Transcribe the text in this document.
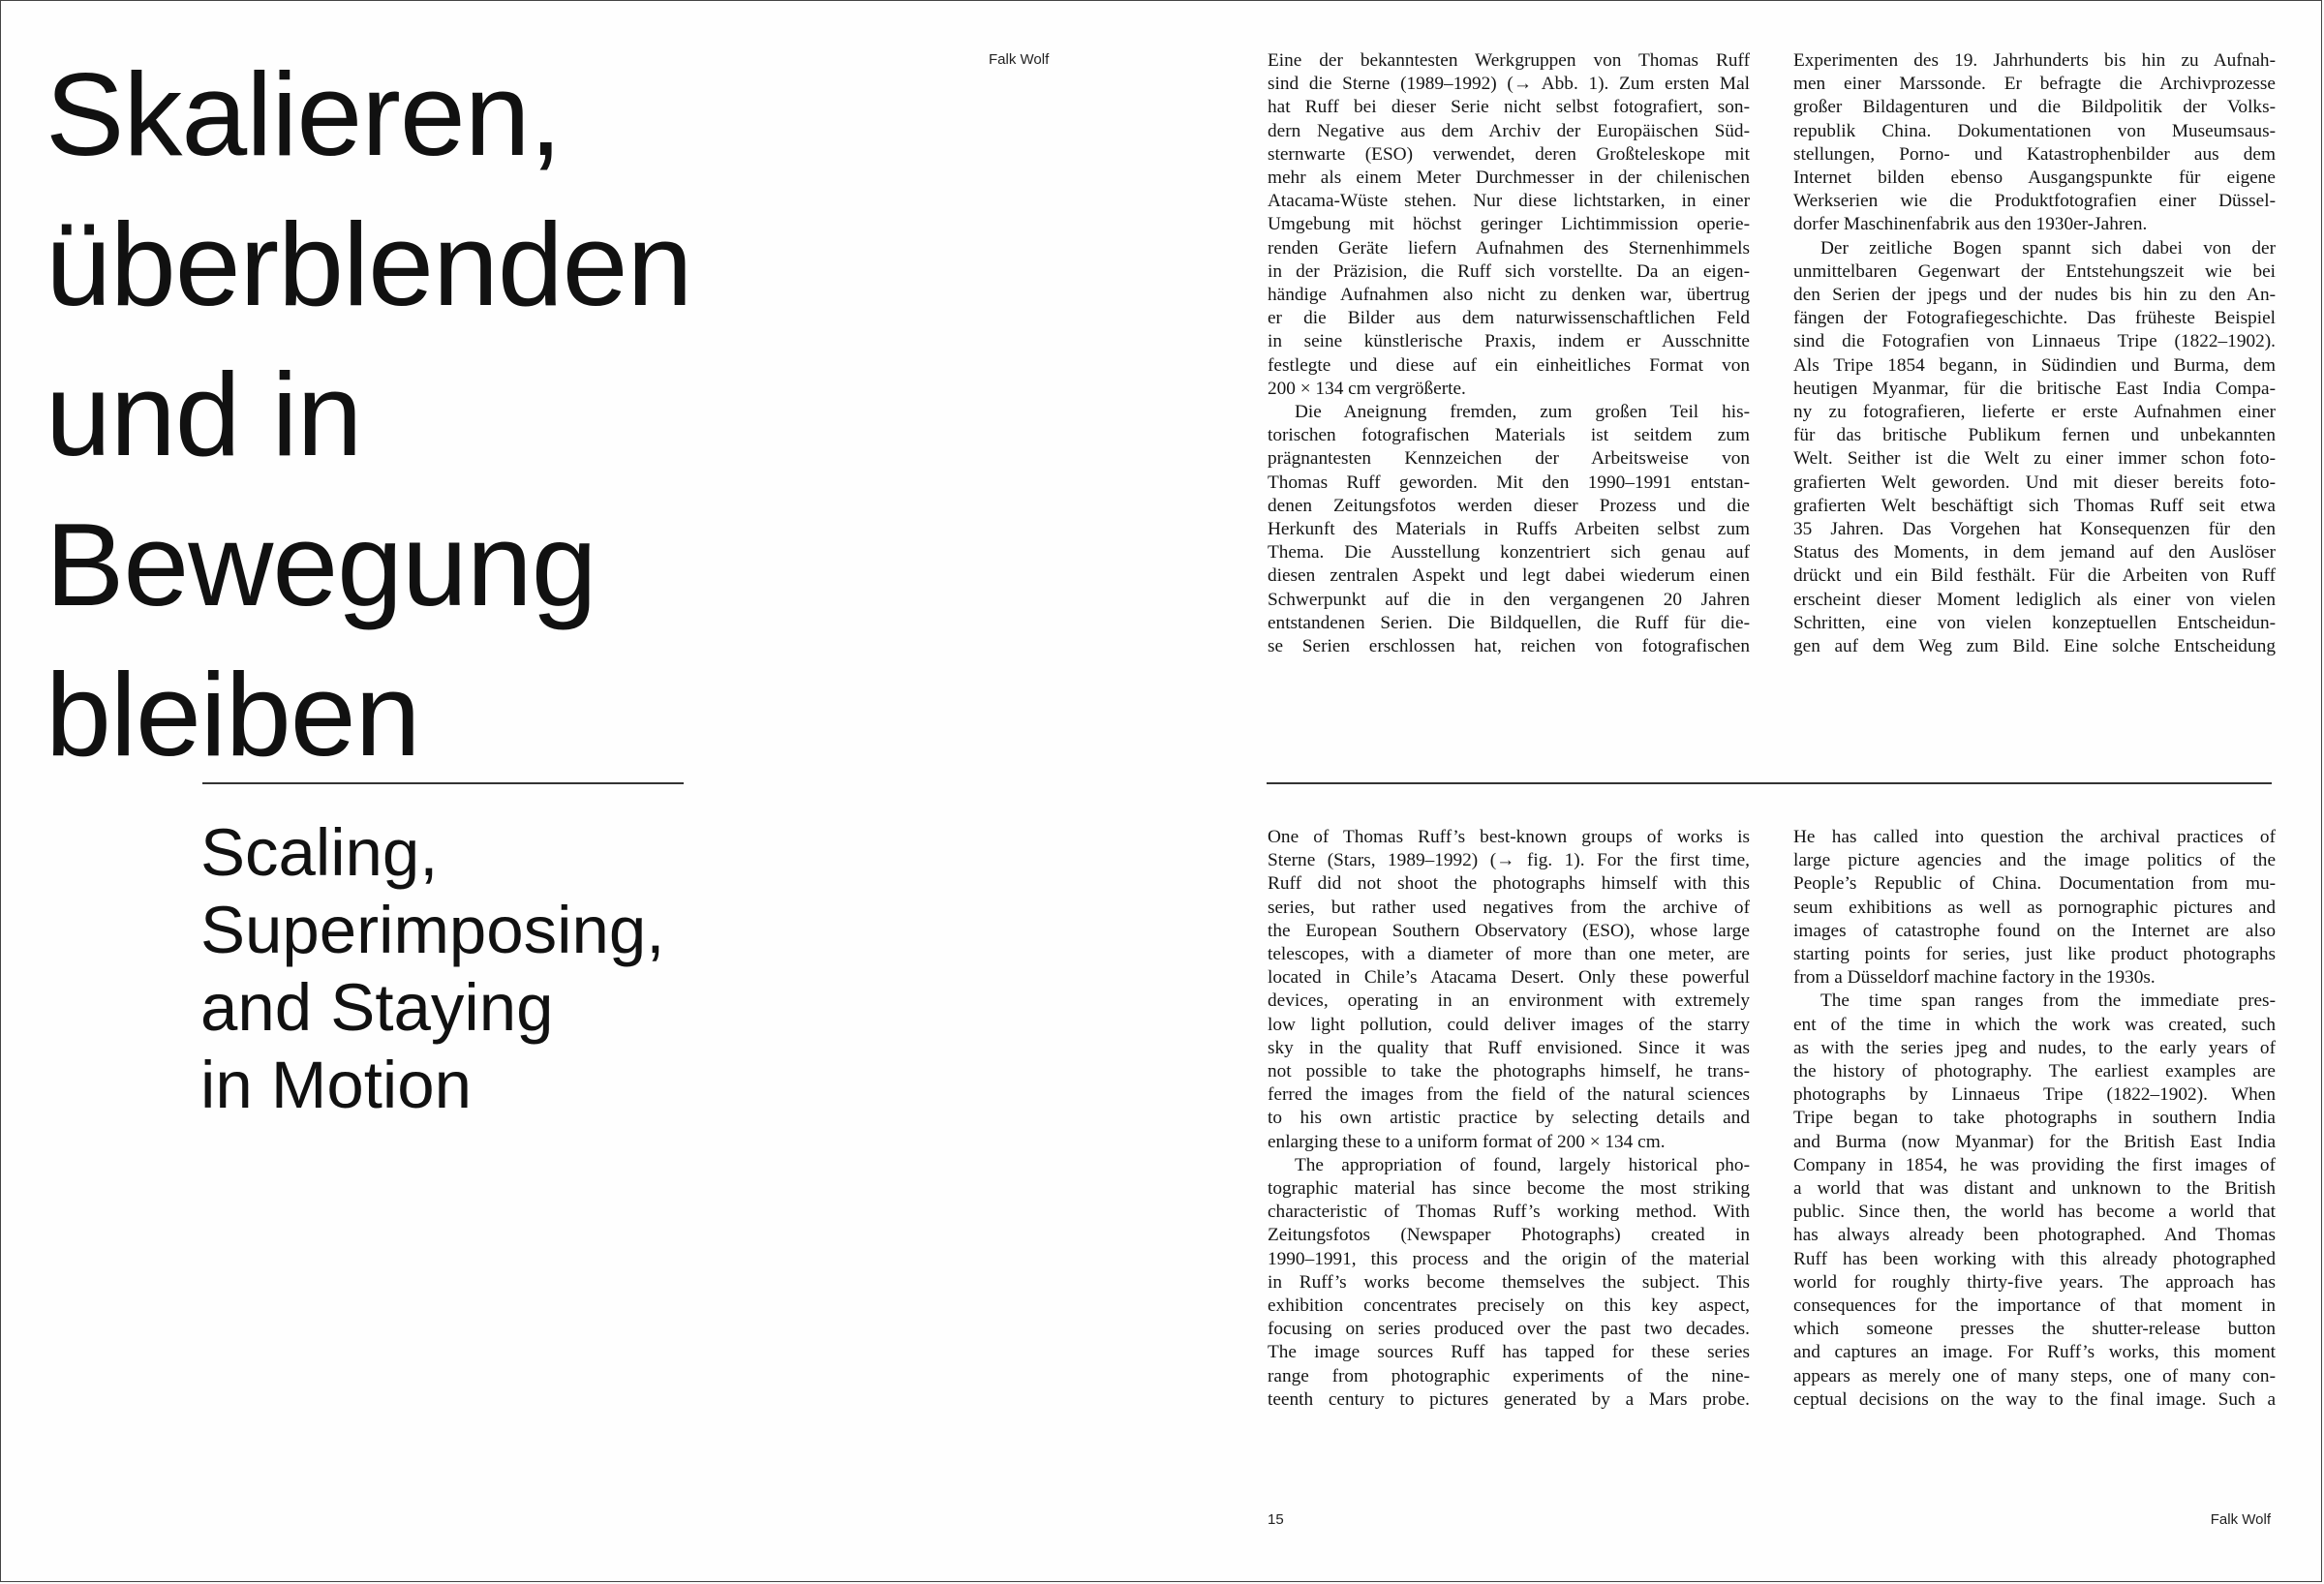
Skalieren,
überblenden
und in
Bewegung
bleiben
Falk Wolf	Eine der bekanntesten Werkgruppen von Thomas Ruff
sind die Sterne (1989–1992) (→ Abb. 1). Zum ersten Mal
hat Ruff bei dieser Serie nicht selbst fotografiert, son-
dern Negative aus dem Archiv der Europäischen Süd-
sternwarte (ESO) verwendet, deren Großteleskope mit
mehr als einem Meter Durchmesser in der chilenischen
Atacama-Wüste stehen. Nur diese lichtstarken, in einer
Umgebung mit höchst geringer Lichtimmission operie-
renden Geräte liefern Aufnahmen des Sternenhimmels
in der Präzision, die Ruff sich vorstellte. Da an eigen-
händige Aufnahmen also nicht zu denken war, übertrug
er die Bilder aus dem naturwissenschaftlichen Feld
in seine künstlerische Praxis, indem er Ausschnitte
festlegte und diese auf ein einheitliches Format von
200 × 134 cm vergrößerte.
Die Aneignung fremden, zum großen Teil his-
torischen fotografischen Materials ist seitdem zum
prägnantesten Kennzeichen der Arbeitsweise von
Thomas Ruff geworden. Mit den 1990–1991 entstan-
denen Zeitungsfotos werden dieser Prozess und die
Herkunft des Materials in Ruffs Arbeiten selbst zum
Thema. Die Ausstellung konzentriert sich genau auf
diesen zentralen Aspekt und legt dabei wiederum einen
Schwerpunkt auf die in den vergangenen 20 Jahren
entstandenen Serien. Die Bildquellen, die Ruff für die-
se Serien erschlossen hat, reichen von fotografischen
Experimenten des 19. Jahrhunderts bis hin zu Aufnah-
men einer Marssonde. Er befragte die Archivprozesse
großer Bildagenturen und die Bildpolitik der Volks-
republik China. Dokumentationen von Museumsaus-
stellungen, Porno- und Katastrophenbilder aus dem
Internet bilden ebenso Ausgangspunkte für eigene
Werkserien wie die Produktfotografien einer Düssel-
dorfer Maschinenfabrik aus den 1930er-Jahren.
Der zeitliche Bogen spannt sich dabei von der
unmittelbaren Gegenwart der Entstehungszeit wie bei
den Serien der jpegs und der nudes bis hin zu den An-
fängen der Fotografiegeschichte. Das früheste Beispiel
sind die Fotografien von Linnaeus Tripe (1822–1902).
Als Tripe 1854 begann, in Südindien und Burma, dem
heutigen Myanmar, für die britische East India Compa-
ny zu fotografieren, lieferte er erste Aufnahmen einer
für das britische Publikum fernen und unbekannten
Welt. Seither ist die Welt zu einer immer schon foto-
grafierten Welt geworden. Und mit dieser bereits foto-
grafierten Welt beschäftigt sich Thomas Ruff seit etwa
35 Jahren. Das Vorgehen hat Konsequenzen für den
Status des Moments, in dem jemand auf den Auslöser
drückt und ein Bild festhält. Für die Arbeiten von Ruff
erscheint dieser Moment lediglich als einer von vielen
Schritten, eine von vielen konzeptuellen Entscheidun-
gen auf dem Weg zum Bild. Eine solche Entscheidung
Scaling,
Superimposing,
and Staying
in Motion
One of Thomas Ruff’s best-known groups of works is
Sterne (Stars, 1989–1992) (→ fig. 1). For the first time,
Ruff did not shoot the photographs himself with this
series, but rather used negatives from the archive of
the European Southern Observatory (ESO), whose large
telescopes, with a diameter of more than one meter, are
located in Chile’s Atacama Desert. Only these powerful
devices, operating in an environment with extremely
low light pollution, could deliver images of the starry
sky in the quality that Ruff envisioned. Since it was
not possible to take the photographs himself, he trans-
ferred the images from the field of the natural sciences
to his own artistic practice by selecting details and
enlarging these to a uniform format of 200 × 134 cm.
The appropriation of found, largely historical pho-
tographic material has since become the most striking
characteristic of Thomas Ruff’s working method. With
Zeitungsfotos (Newspaper Photographs) created in
1990–1991, this process and the origin of the material
in Ruff’s works become themselves the subject. This
exhibition concentrates precisely on this key aspect,
focusing on series produced over the past two decades.
The image sources Ruff has tapped for these series
range from photographic experiments of the nine-
teenth century to pictures generated by a Mars probe.
He has called into question the archival practices of
large picture agencies and the image politics of the
People’s Republic of China. Documentation from mu-
seum exhibitions as well as pornographic pictures and
images of catastrophe found on the Internet are also
starting points for series, just like product photographs
from a Düsseldorf machine factory in the 1930s.
The time span ranges from the immediate pres-
ent of the time in which the work was created, such
as with the series jpeg and nudes, to the early years of
the history of photography. The earliest examples are
photographs by Linnaeus Tripe (1822–1902). When
Tripe began to take photographs in southern India
and Burma (now Myanmar) for the British East India
Company in 1854, he was providing the first images of
a world that was distant and unknown to the British
public. Since then, the world has become a world that
has always already been photographed. And Thomas
Ruff has been working with this already photographed
world for roughly thirty-five years. The approach has
consequences for the importance of that moment in
which someone presses the shutter-release button
and captures an image. For Ruff’s works, this moment
appears as merely one of many steps, one of many con-
ceptual decisions on the way to the final image. Such a
15	Falk Wolf
